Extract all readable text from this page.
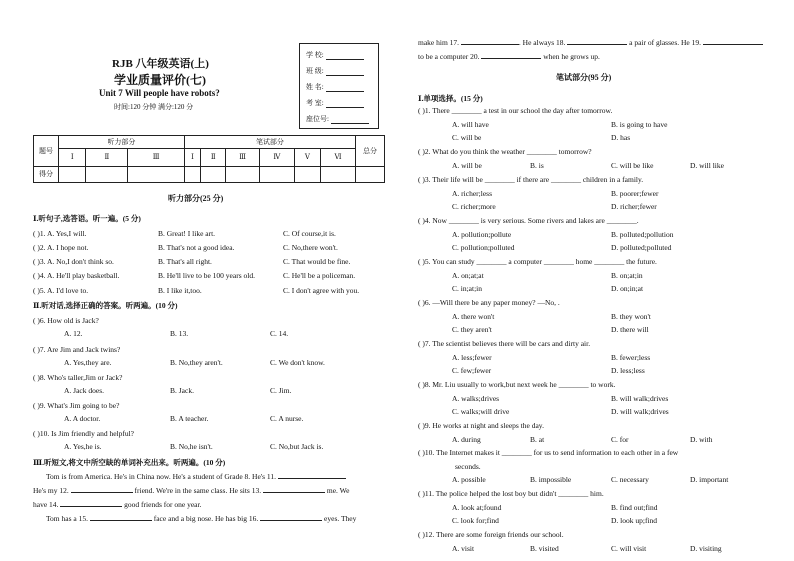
RJB 八年级英语(上)
学业质量评价(七)
Unit 7 Will people have robots?
时间:120 分钟 满分:120 分
学 校:
班 级:
姓 名:
考 室:
座位号:
题号	听力部分			笔试部分						总分
	Ⅰ	Ⅱ	Ⅲ	Ⅰ	Ⅱ	Ⅲ	Ⅳ	Ⅴ	Ⅵ	
得分										
听力部分(25 分)
Ⅰ.听句子,选答语。听一遍。(5 分)
( )1. A. Yes,I will.	B. Great! I like art.	C. Of course,it is.
( )2. A. I hope not.	B. That's not a good idea.	C. No,there won't.
( )3. A. No,I don't think so.	B. That's all right.	C. That would be fine.
( )4. A. He'll play basketball.	B. He'll live to be 100 years old.	C. He'll be a policeman.
( )5. A. I'd love to.	B. I like it,too.	C. I don't agree with you.
Ⅱ.听对话,选择正确的答案。听两遍。(10 分)
( )6. How old is Jack?
A. 12.	B. 13.	C. 14.
( )7. Are Jim and Jack twins?
A. Yes,they are.	B. No,they aren't.	C. We don't know.
( )8. Who's taller,Jim or Jack?
A. Jack does.	B. Jack.	C. Jim.
( )9. What's Jim going to be?
A. A doctor.	B. A teacher.	C. A nurse.
( )10. Is Jim friendly and helpful?
A. Yes,he is.	B. No,he isn't.	C. No,but Jack is.
Ⅲ.听短文,将文中所空缺的单词补充出来。听两遍。(10 分)
Tom is from America. He's in China now. He's a student of Grade 8. He's 11.
He's my 12.	friend. We're in the same class. He sits 13.	me. We
have 14.	good friends for one year.
Tom has a 15.	face and a big nose. He has big 16.	eyes. They
make him 17.	. He always 18.	a pair of glasses. He 19.
to be a computer 20.	when he grows up.
笔试部分(95 分)
Ⅰ.单项选择。(15 分)
( )1. There ________ a test in our school the day after tomorrow.
A. will have	B. is going to have
C. will be	D. has
( )2. What do you think the weather ________ tomorrow?
A. will be	B. is	C. will be like	D. will like
( )3. Their life will be ________ if there are ________ children in a family.
A. richer;less	B. poorer;fewer
C. richer;more	D. richer;fewer
( )4. Now ________ is very serious. Some rivers and lakes are ________.
A. pollution;pollute	B. polluted;pollution
C. pollution;polluted	D. polluted;polluted
( )5. You can study ________ a computer ________ home ________ the future.
A. on;at;at	B. on;at;in
C. in;at;in	D. on;in;at
( )6. —Will there be any paper money? —No, .
A. there won't	B. they won't
C. they aren't	D. there will
( )7. The scientist believes there will be cars and dirty air.
A. less;fewer	B. fewer;less
C. few;fewer	D. less;less
( )8. Mr. Liu usually to work,but next week he ________ to work.
A. walks;drives	B. will walk;drives
C. walks;will drive	D. will walk;drives
( )9. He works at night and sleeps the day.
A. during	B. at	C. for	D. with
( )10. The Internet makes it ________ for us to send information to each other in a few
seconds.
A. possible	B. impossible	C. necessary	D. important
( )11. The police helped the lost boy but didn't ________ him.
A. look at;found	B. find out;find
C. look for;find	D. look up;find
( )12. There are some foreign friends our school.
A. visit	B. visited	C. will visit	D. visiting
